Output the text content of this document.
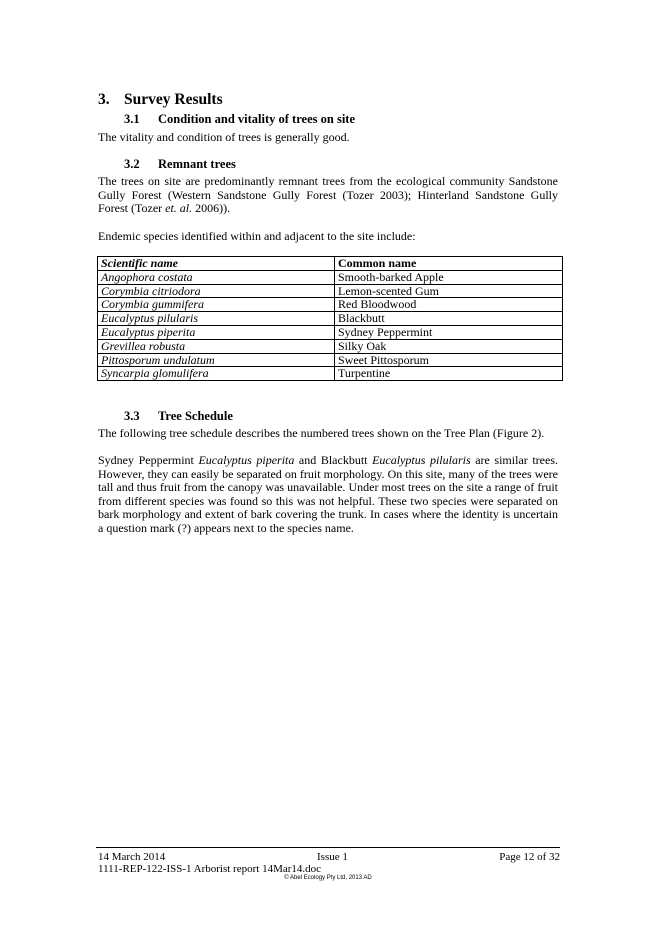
3. Survey Results
3.1 Condition and vitality of trees on site
The vitality and condition of trees is generally good.
3.2 Remnant trees
The trees on site are predominantly remnant trees from the ecological community Sandstone Gully Forest (Western Sandstone Gully Forest (Tozer 2003); Hinterland Sandstone Gully Forest (Tozer et. al. 2006)).
Endemic species identified within and adjacent to the site include:
Scientific name	Common name
Angophora costata	Smooth-barked Apple
Corymbia citriodora	Lemon-scented Gum
Corymbia gummifera	Red Bloodwood
Eucalyptus pilularis	Blackbutt
Eucalyptus piperita	Sydney Peppermint
Grevillea robusta	Silky Oak
Pittosporum undulatum	Sweet Pittosporum
Syncarpia glomulifera	Turpentine
3.3 Tree Schedule
The following tree schedule describes the numbered trees shown on the Tree Plan (Figure 2).
Sydney Peppermint Eucalyptus piperita and Blackbutt Eucalyptus pilularis are similar trees. However, they can easily be separated on fruit morphology. On this site, many of the trees were tall and thus fruit from the canopy was unavailable. Under most trees on the site a range of fruit from different species was found so this was not helpful. These two species were separated on bark morphology and extent of bark covering the trunk. In cases where the identity is uncertain a question mark (?) appears next to the species name.
14 March 2014	Issue 1	Page 12 of 32
1111-REP-122-ISS-1 Arborist report 14Mar14.doc
© Abel Ecology Pty Ltd, 2013 AD
